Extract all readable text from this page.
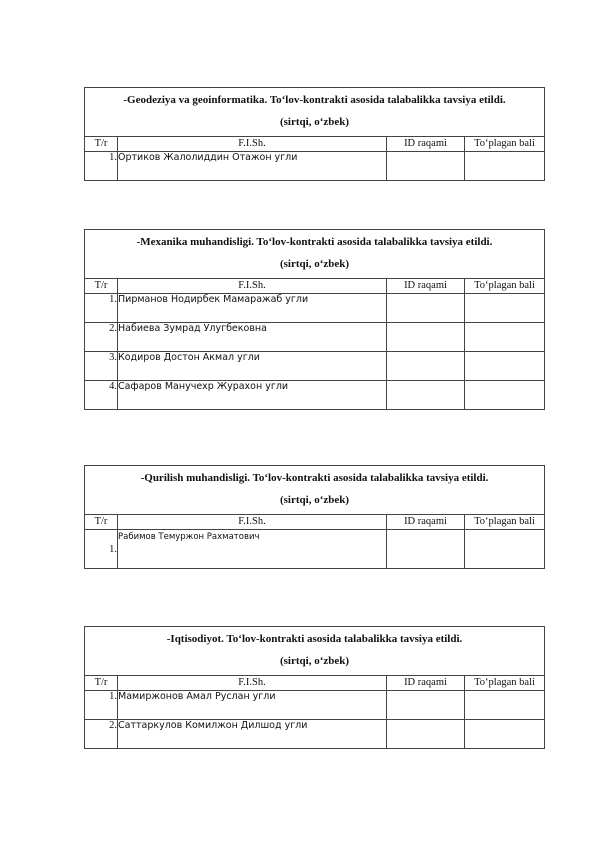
-Geodeziya va geoinformatika. To‘lov-kontrakti asosida talabalikka tavsiya etildi.
(sirtqi, o‘zbek)			

T/r	F.I.Sh.	ID raqami	To‘plagan bali
1.	Ортиков Жалолиддин Отажон угли		
-Mexanika muhandisligi. To‘lov-kontrakti asosida talabalikka tavsiya etildi.
(sirtqi, o‘zbek)			

T/r	F.I.Sh.	ID raqami	To‘plagan bali
1.	Пирманов Нодирбек Мамаражаб угли		
2.	Набиева Зумрад Улугбековна		
3.	Кодиров Достон Акмал угли		
4.	Сафаров Манучехр Журахон угли		
-Qurilish muhandisligi. To‘lov-kontrakti asosida talabalikka tavsiya etildi.
(sirtqi, o‘zbek)			

T/r	F.I.Sh.	ID raqami	To‘plagan bali
1.	Рабимов Темуржон Рахматович		
-Iqtisodiyot. To‘lov-kontrakti asosida talabalikka tavsiya etildi.
(sirtqi, o‘zbek)			

T/r	F.I.Sh.	ID raqami	To‘plagan bali
1.	Мамиржонов Амал Руслан угли		
2.	Саттаркулов Комилжон Дилшод угли		
